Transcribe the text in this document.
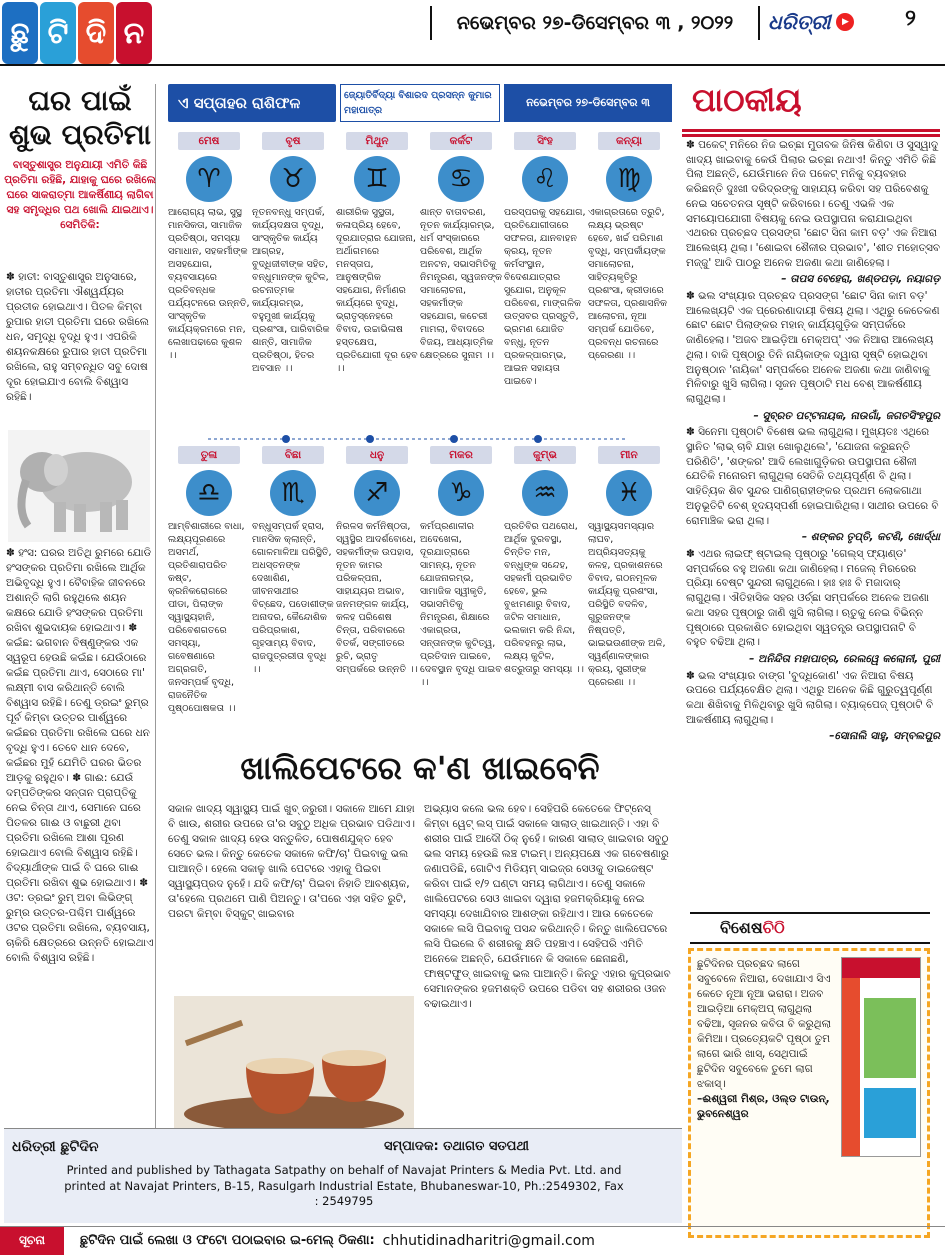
ଛୁ ଟି ଦି ନ	ନଭେମ୍ବର ୨୭-ଡିସେମ୍ବର ୩ , ୨୦୨୨	ଧରିତ୍ରୀ	▶	୨
ଘର ପାଇଁ ଶୁଭ ପ୍ରତିମା
ବାସ୍ତୁଶାସ୍ତ୍ର ଅନୁଯାୟୀ ଏମିତି କିଛି ପ୍ରତିମା ରହିଛି, ଯାହାକୁ ଘରେ ରଖିଲେ ଘରେ ସାକରାତ୍ମା ଆକର୍ଷିଣୀୟ ଲାଗିବା ସହ ସମୃଦ୍ଧିର ପଥ ଖୋଲି ଯାଇଥାଏ। ସେମିତିକି:
✽ ହାତୀ: ବାସ୍ତୁଶାସ୍ତ୍ର ଅନୁସାରେ, ହାତୀର ପ୍ରତିମା ଐଶ୍ୱର୍ଯ୍ୟର ପ୍ରତୀକ ହୋଇଥାଏ। ପିତଳ କିମ୍ବା ରୁପାର ହାତୀ ପ୍ରତିମା ଘରେ ରଖିଲେ ଧନ, ସମୃଦ୍ଧି ବୃଦ୍ଧି ହୁଏ। ଏପରିକି ଶୟନକକ୍ଷରେ ରୁପାର ହାତୀ ପ୍ରତିମା ରଖିଲେ, ରାହୁ ସମ୍ବନ୍ଧିତ ସବୁ ଦୋଷ ଦୂର ହୋଇଯାଏ ବୋଲି ବିଶ୍ୱାସ ରହିଛି।
✽ ହଂସ: ଘରର ଅତିଥି ରୁମରେ ଯୋଡି ହଂସଙ୍କର ପ୍ରତିମା ରଖିଲେ ଆର୍ଥିକ ଅଭିବୃଦ୍ଧି ହୁଏ। ବୈବାହିକ ଜୀବନରେ ଅଶାନ୍ତି ଲାଗି ରହୁଥିଲେ ଶୟନ କକ୍ଷରେ ଯୋଡି ହଂସଙ୍କର ପ୍ରତିମା ରଖିବା ଶୁଭଦାୟକ ହୋଇଥାଏ। ✽ କଇଁଛ: ଭଗବାନ ବିଷ୍ଣୁଙ୍କର ଏକ ସ୍ୱରୂପ ହେଉଛି କଇଁଛ। ଯେଉଁଠାରେ କଇଁଛ ପ୍ରତିମା ଥାଏ, ସେଠାରେ ମା' ଲକ୍ଷ୍ମୀ ବାସ କରିଥାନ୍ତି ବୋଲି ବିଶ୍ୱାସ ରହିଛି। ତେଣୁ ଡ୍ରଇଂ ରୁମ୍ର ପୂର୍ବ କିମ୍ବା ଉତ୍ତର ପାର୍ଶ୍ୱରେ କଇଁଛର ପ୍ରତିମା ରଖିଲେ ଘରେ ଧନ ବୃଦ୍ଧି ହୁଏ। ତେବେ ଧାନ ଦେବେ, କଇଁଛର ମୁହଁ ଯେମିତି ଘରର ଭିତର ଆଡ଼କୁ ରହୁଥିବ। ✽ ଗାଈ: ଯେଉଁ ଦମ୍ପତିଙ୍କର ସନ୍ତାନ ପ୍ରାପ୍ତିକୁ ନେଇ ଚିନ୍ତା ଥାଏ, ସେମାନେ ଘରେ ପିତଳର ଗାଈ ଓ ବାଛୁରୀ ଥିବା ପ୍ରତିମା ରଖିଲେ ଆଶା ପୂରଣ ହୋଇଥାଏ ବୋଲି ବିଶ୍ୱାସ ରହିଛି। ବିଦ୍ୟାର୍ଥୀଙ୍କ ପାଇଁ ବି ଘରେ ଗାଈ ପ୍ରତିମା ରଖିବା ଶୁଭ ହୋଇଥାଏ। ✽ ଓଟ: ଡ୍ରଇଂ ରୁମ୍ ଅବା ଲିଭିଙ୍ଗ୍ ରୁମ୍ର ଉତ୍ତର-ପଶ୍ଚିମ ପାର୍ଶ୍ୱରେ ଓଟର ପ୍ରତିମା ରଖିଲେ, ବ୍ୟବସାୟ, ଚାକିରି କ୍ଷେତ୍ରରେ ଉନ୍ନତି ହୋଇଥାଏ ବୋଲି ବିଶ୍ୱାସ ରହିଛି।
ଏ ସପ୍ତାହର ରାଶିଫଳ	ଜ୍ୟୋତିର୍ବିଦ୍ୟା ବିଶାରଦ ପ୍ରସନ୍ନ କୁମାର ମହାପାତ୍ର
ନଭେମ୍ବର ୨୭-ଡିସେମ୍ବର ୩
ମେଷ
♈
ଆରୋଗ୍ୟ ଲାଭ, ସୁସ୍ଥ ମାନସିକତା, ସାମାଜିକ ପ୍ରତିଷ୍ଠା, ସମସ୍ୟା ସମାଧାନ, ସହକର୍ମୀଙ୍କ ଅସହଯୋଗ, ବ୍ୟବସାୟରେ ପ୍ରତିବନ୍ଧକ ପର୍ଯ୍ୟଟନରେ ଉନ୍ନତି, ସାଂସ୍କୃତିକ କାର୍ଯ୍ୟକ୍ରମରେ ମନ, ଲେଖାପଢାରେ କୁଶଳ ।।
ବୃଷ
♉
ନୂତନବନ୍ଧୁ ସମ୍ପର୍କ, କାର୍ଯ୍ୟଦକ୍ଷତା ବୃଦ୍ଧି, ସାଂସ୍କୃତିକ କାର୍ଯ୍ୟ ଆଗ୍ରହ, ବୁଦ୍ଧିଜୀବୀଙ୍କ ସହିତ, ବନ୍ଧୁମାନଙ୍କ କୁଟିଳ, ରଚନାତ୍ମକ କାର୍ଯ୍ୟାରମ୍ଭ, ବହୁମୁଖୀ କାର୍ଯ୍ୟକୁ ପ୍ରଶଂସା, ପାରିବାରିକ ଶାନ୍ତି, ସାମାଜିକ ପ୍ରତିଷ୍ଠା, ହିତର ଅବସାନ ।।
ମିଥୁନ
♊
ଶାରୀରିକ ସୁସ୍ଥତା, କଳାପ୍ରିୟ ହେବେ, ଦୂରଯାତ୍ରାର ଯୋଜନା, ଅର୍ଥାଗମରେ ମନସ୍ତାପ, ଆନୁଷଙ୍ଗିକ ସହଯୋଗ, ନିର୍ମାଣର କାର୍ଯ୍ୟରେ ବୃଦ୍ଧି, ଭ୍ରାତୃସ୍ନେହରେ ବିବାଦ, ଉଚ୍ଚାଭିଳାଷ ହସ୍ତକ୍ଷେପ, ପ୍ରତିଯୋଗୀ ଦୂର ହେବ ।।
କର୍କଟ
♋
ଶାନ୍ତ ବାତାବରଣ, ନୂତନ କାର୍ଯ୍ୟାରମ୍ଭ, ଧର୍ମ ସଂସ୍କାରରେ ପରିବେଶ, ଆର୍ଥିକ ଅନଟନ, ସଭାସମିତିକୁ ନିମନ୍ତ୍ରଣ, ସ୍ୱଜନଙ୍କ ସମାଲୋଚନା, ସହକର୍ମୀଙ୍କ ସହଯୋଗ, କଚେରୀ ମାମଲା, ବିବାଦରେ ବିଜୟ, ଆଧ୍ୟାତ୍ମିକ କ୍ଷେତ୍ରରେ ସୁନାମ ।।
ସିଂହ
♌
ପରସ୍ପରକୁ ସହଯୋଗ, ପ୍ରତିଯୋଗୀତାରେ ସଫଳତା, ଯାନବାହନ କ୍ରୟ, ନୂତନ କର୍ମସଂସ୍ଥାନ, ବିଦେଶଯାତ୍ରାର ସୁଯୋଗ, ଅନୁକୂଳ ପରିବେଶ, ମାଙ୍ଗଳିକ ଉତ୍ସବର ପ୍ରସ୍ତୁତି, ଭ୍ରମଣ ଯୋଜିତ ବନ୍ଧୁ, ନୂତନ ପ୍ରକଳ୍ପାରମ୍ଭ, ଆଇନ ସହାୟତା ପାଇବେ।
କନ୍ୟା
♍
ଏକାଗ୍ରତାରେ ତ୍ରୁଟି, ଲକ୍ଷ୍ୟ ଭ୍ରଷ୍ଟ ହେବେ, ଖର୍ଚ୍ଚ ପରିମାଣ ବୃଦ୍ଧି, ସମ୍ପର୍କୀୟଙ୍କ ସମାଲୋଚନା, ସାହିତ୍ୟକୃତିରୁ ପ୍ରଶଂସା, କ୍ରୀଡାରେ ସଫଳତା, ପ୍ରଶାସନିକ ଆଲୋଚନା, ନୂଆ ସମ୍ପର୍କ ଯୋଡିବେ, ପ୍ରବନ୍ଧ ରଚନାରେ ପ୍ରେରଣା ।।
ତୁଳା
♎
ଆମ୍ବିଶାରୀରେ ବାଧା, ଲକ୍ଷ୍ୟପୂରଣରେ ଅସମର୍ଥ, ପ୍ରତିଶାରାପରିତ କଷ୍ଟ, କ୍ରନିକରୋଗରେ ପୀଡା, ପିଲାଙ୍କ ସ୍ୱାସ୍ଥ୍ୟହାନି, ପରିବେଶଗତରେ ସମସ୍ୟା, ଗବେଷଣାରେ ଅଗ୍ରଗତି, ଜନସମ୍ପର୍କ ବୃଦ୍ଧି, ରାଜନୈତିକ ପୃଷ୍ଠପୋଷକତା ।।
ବିଛା
♏
ବନ୍ଧୁସମ୍ପର୍କ ହ୍ରାସ, ମାନସିକ କ୍ଲାନ୍ତି, ଗୋଳମାଳିଆ ପରିସ୍ଥିତି, ଅଧସ୍ତନଙ୍କ ଦେଖାଶିଣ, ଜୀବନସାଥୀର ବିଚ୍ଛେଦ, ପଡୋଶୀଙ୍କ ଅନାଦର, କୈନ୍ଦୋଶିକ ପରିପ୍ରକାଶ, ଗୃହସାମ୍ୟ ବିବାଦ, ରାଜପୁତ୍ରରୀତା ବୃଦ୍ଧି ।।
ଧନୁ
♐
ନିରଳସ କର୍ମନିଷ୍ଠତା, ସ୍ୱସ୍ଥିର ଆଦର୍ଶବୋଧେ, ସହକର୍ମୀଙ୍କ ଉପହାସ, ନୂତନ କାମର ପରିକଳ୍ପନା, ସାହାଯ୍ୟର ଅଭାବ, ଜନମଙ୍ଗଳ କାର୍ଯ୍ୟ, କଳହ ପରିଶେଷ ଚିନ୍ତା, ପରିବାରରେ ବିତର୍କ, ସଙ୍ଗୀତରେ ରୁଚି, ଭ୍ରାତୃ ସମ୍ପର୍କରେ ଉନ୍ନତି ।।
ମକର
♑
କର୍ମପ୍ରଣାଳୀର ଅଦେଖେଳା, ଦୂରଯାତ୍ରାରେ ସାମନ୍ୟ, ନୂତନ ଯୋଜନାରମ୍ଭ, ସାମାଜିକ ସ୍ୱୀକୃତି, ସଭାସମିତିକୁ ନିମନ୍ତ୍ରଣ, ଶିକ୍ଷାରେ ଏକାଗ୍ରତା, ସନ୍ତାନଙ୍କ କୁଟିତ୍ୱ, ପ୍ରତିଦାନ ପାଇବେ, ଦେବସ୍ଥାନ ବୃଦ୍ଧି ପାଇବ ।।
କୁମ୍ଭ
♒
ପ୍ରତିବିର ପଥରୋଧ, ଆର୍ଥିକ ଦୁରବସ୍ଥା, ଚିନ୍ତିତ ମନ, ବନ୍ଧୁଙ୍କ ସନ୍ଦେହ, ସହକର୍ମୀ ପ୍ରଭାବିତ ହେବେ, ଭୁଲ ବୁଝାମଣାରୁ ବିବାଦ, ଜଟିଳ ସମାଧାନ, ଭଲକାମ କରି ନିନ୍ଦା, ପରିବହନରୁ ଲାଭ, ଲକ୍ଷ୍ୟ କୁଟିଳ, ଶତ୍ରୁତାରୁ ସମସ୍ୟା ।।
ମୀନ
♓
ସ୍ୱାସ୍ଥ୍ୟସମସ୍ୟାର ଲାଘବ, ଅପ୍ରିୟସତ୍ୟକୁ କଳହ, ପ୍ରକାଶନରେ ବିବାଦ, ଗଠନମୂଳକ କାର୍ଯ୍ୟକୁ ପ୍ରଶଂସା, ପରିସ୍ଥିତି ବଦଳିବ, ଗୁରୁଜନଙ୍କ ନିଷ୍ପତ୍ତି, ଭାଇଭଉଣୀଙ୍କ ଅଳି, ସ୍ୱର୍ଣ୍ଣାଳଙ୍କାର କ୍ରୟ, ସ୍ତ୍ରୀଙ୍କ ପ୍ରେରଣା ।।
ଖାଲିପେଟରେ କ'ଣ ଖାଇବେନି
ସକାଳ ଖାଦ୍ୟ ସ୍ୱାସ୍ଥ୍ୟ ପାଇଁ ଖୁବ୍ ଜରୁରୀ। ସକାଳେ ଆମେ ଯାହା ବି ଖାଉ, ଶରୀର ଉପରେ ତା'ର ସବୁଠୁ ଅଧିକ ପ୍ରଭାବ ପଡିଥାଏ। ତେଣୁ ସକାଳ ଖାଦ୍ୟ ହେଉ ସନ୍ତୁଳିତ, ପୋଷଣଯୁକ୍ତ ହେବ ସେତେ ଭଲ। କିନ୍ତୁ କେତେକ ସକାଳେ କଫି/ଚା' ପିଇବାକୁ ଭଲ ପାଆନ୍ତି। ହେଲେ ସକାଳୁ ଖାଲି ପେଟରେ ଏହାକୁ ପିଇବା ସ୍ୱାସ୍ଥ୍ୟପ୍ରଦ ନୁହେଁ। ଯଦି କଫି/ଚା' ପିଇବା ନିହାତି ଆବଶ୍ୟକ, ତା'ହେଲେ ପ୍ରଥମେ ପାଣି ପିଅନ୍ତୁ। ତା'ପରେ ଏହା ସହିତ ରୁଟି, ପରଟା କିମ୍ବା ବିସ୍କୁଟ୍ ଖାଇବାର
ଅଭ୍ୟାସ କଲେ ଭଲ ହେବ। ସେହିପରି କେତେକେ ଫିଟ୍ନେସ୍ କିମ୍ବା ୱେଟ୍ ଲସ୍ ପାଇଁ ସକାଳେ ସାଲାଡ୍ ଖାଇଥାନ୍ତି। ଏହା ବି ଶରୀର ପାଇଁ ଆଦୌ ଠିକ୍ ନୁହେଁ। କାରଣ ସାଲାଡ୍ ଖାଇବାର ସବୁଠୁ ଭଲ ସମୟ ହେଉଛି ଲଞ୍ଚ ଟାଇମ୍। ଅନ୍ୟପକ୍ଷେ ଏକ ଗବେଷଣାରୁ ଜଣାପଡିଛି, ଗୋଟିଏ ମିଡିୟମ୍ ସାଇଜ୍ର ସେଓକୁ ଡାଇଜେଷ୍ଟ କରିବା ପାଇଁ ୧/୨ ଘଣ୍ଟା ସମୟ ଲାଗିଥାଏ। ତେଣୁ ସକାଳେ ଖାଲିପେଟରେ ସେଓ ଖାଇବା ଦ୍ୱାରା ହଜମକ୍ରିୟାକୁ ନେଇ ସମସ୍ୟା ଦେଖାଯିବାର ଆଶଙ୍କା ରହିଥାଏ। ଆଉ କେତେକେ ସକାଳେ ଲସି ପିଇବାକୁ ପସନ୍ଦ କରିଥାନ୍ତି। କିନ୍ତୁ ଖାଲିପେଟରେ ଲସି ପିଇଲେ ବି ଶରୀରକୁ କ୍ଷତି ପହଞ୍ଚାଏ। ସେହିପରି ଏମିତି ଅନେକେ ଅଛନ୍ତି, ଯେଉଁମାନେ କି ସକାଳେ ଛେନାଛଣି, ଫାଷ୍ଟଫୁଡ୍ ଖାଇବାକୁ ଭଲ ପାଆନ୍ତି। କିନ୍ତୁ ଏହାର କୁପ୍ରଭାବ ସେମାନଙ୍କର ହଜମଶକ୍ତି ଉପରେ ପଡିବା ସହ ଶରୀରର ଓଜନ ବଢାଇଥାଏ।
ପାଠକୀୟ

✽ ପକେଟ୍ ମନିରେ ନିଜ ଇଚ୍ଛା ମୁତାବକ ଜିନିଷ କିଣିବା ଓ ସୁସ୍ୱାଦୁ ଖାଦ୍ୟ ଖାଇବାକୁ କେଉଁ ପିଲାର ଇଚ୍ଛା ନଥାଏ! କିନ୍ତୁ ଏମିତି କିଛି ପିଲା ଅଛନ୍ତି, ଯେଉଁମାନେ ନିଜ ପକେଟ୍ ମନିକୁ ବ୍ୟବହାର କରିଛନ୍ତି ଦୁଃଖୀ ଦରିଦ୍ରଙ୍କୁ ସାହାଯ୍ୟ କରିବା ସହ ପରିବେଶକୁ ନେଇ ସଚେତନତା ସୃଷ୍ଟି କରିବାରେ। ତେଣୁ ଏଭଳି ଏକ ସମୟୋପଯୋଗୀ ବିଷୟକୁ ନେଇ ଉପସ୍ଥାପନା କରାଯାଇଥିବା ଏଥରର ପ୍ରଚ୍ଛଦ ପ୍ରସଙ୍ଗ 'ଛୋଟ ସିନା କାମ ବଡ଼' ଏକ ନିଆରା ଆଲେଖ୍ୟ ଥିଲା। 'ଶୋଇବା ଶୈଳୀର ପ୍ରଭାବ', 'ଶୀତ ମହୋତ୍ସବ ମଜ୍ଜୁ' ଆଦି ପାଠରୁ ଅନେକ ଅଜଣା କଥା ଜାଣିହେଲା।

– ତାପସ ବେହେରା, ଖଣ୍ଡପଡ଼ା, ନୟାଗଡ଼

✽ ଭଲ ସଂଖ୍ୟାର ପ୍ରଚ୍ଛଦ ପ୍ରସଙ୍ଗ 'ଛୋଟ ସିନା କାମ ବଡ଼' ଆଲେଖ୍ୟଟି ଏକ ପ୍ରେରଣାଦାୟୀ ବିଷୟ ଥିଲା। ଏଥିରୁ କେତେକଣ ଛୋଟ ଛୋଟ ପିଲାଙ୍କର ମହାନ୍ କାର୍ଯ୍ୟଗୁଡ଼ିକ ସମ୍ପର୍କରେ ଜାଣିହେଲା। 'ଅଜବ ଆଇଡ଼ିଆ ମେକ୍ଅପ୍' ଏକ ନିଆରା ଆଲେଖ୍ୟ ଥିଲା। ବାକି ପୃଷ୍ଠାରୁ ତିନି ନାୟିକାଙ୍କ ଦ୍ୱାରା ସୃଷ୍ଟି ହୋଇଥିବା ଅନୁଷ୍ଠାନ 'ନାୟିକା' ସମ୍ପର୍କରେ ଅନେକ ଅଜଣା କଥା ଜାଣିବାକୁ ମିଳିବାରୁ ଖୁସି ଲାଗିଲା। ସୃଜନ ପୃଷ୍ଠାଟି ମଧ ବେଶ୍ ଆକର୍ଷଣୀୟ ଲାଗୁଥିଲା।

– ସୁବ୍ରତ ପଟ୍ଟନାୟକ, ନାଉଗାଁ, ଜଗତସିଂହପୁର

✽ ସିନେମା ପୃଷ୍ଠାଟି ବିଶେଷ ଭଲ ଲାଗୁଥିଲା। ମୁଖ୍ୟତଃ ଏଥିରେ ସ୍ଥାନିତ 'ଲାଭ୍ ଚାବି ଯାହା ଖୋଲୁଥିଲେ', 'ଯୋଜନା କରୁଛନ୍ତି ପରିଣିତି', 'ଶଙ୍କର' ଆଦି ଲେଖାଗୁଡ଼ିକର ଉପସ୍ଥାପନା ଶୈଳୀ ଯେତିକି ମନୋରମ ଲାଗୁଥିଲା ସେତିକି ତଥ୍ୟପୂର୍ଣ୍ଣ ବି ଥିଲା। ସାହିତ୍ୟିକ ଶିବ ସୁନ୍ଦର ପାଣିଗ୍ରାହୀଙ୍କର ପ୍ରଥମ ଲୋକଗାଥା ଅନୁଭୂତିଟି ବେଶ୍ ହୃଦୟସ୍ପର୍ଶୀ ହୋଇପାରିଥିଲା। ସାଥୀର ଉପରେ ବି ରୋମାଞ୍ଚିକ ଭରା ଥିଲା।

– ଶଙ୍କର ତୃପ୍ତି, କଟଣି, ଖୋର୍ଦ୍ଧା

✽ ଏଥର ଲାଇଫ୍ ଷ୍ଟାଇଲ୍ ପୃଷ୍ଠାରୁ 'ଗେଲ୍ସ୍ ଫ୍ୟାଣ୍ଡ' ସମ୍ପର୍କରେ ବହୁ ଅଜଣା କଥା ଜାଣିହେଲା। ମଜେଲ୍ ମିରରେର ପ୍ରିୟା ବେଷ୍ଟ ସୁନ୍ଦରୀ ଲାଗୁଥିଲେ। ହାଃ ହାଃ ବି ମଜାଦାର୍ ଲାଗୁଥିଲା। ଐତିହାସିକ ସହର ଓର୍ଚ୍ଛା ସମ୍ପର୍କରେ ଅନେକ ଅଜଣା କଥା ସହର ପୃଷ୍ଠାରୁ ଜାଣି ଖୁସି ଲାଗିଲା। ଋତୁକୁ ନେଇ ବିଭିନ୍ନ ପୃଷ୍ଠାରେ ପ୍ରକାଶିତ ହୋଇଥିବା ସ୍ୱତନ୍ତ୍ର ଉପସ୍ଥାପନାଟି ବି ବହୁତ ବଢିଆ ଥିଲା।

– ଅନିନ୍ଦିତା ମହାପାତ୍ର, ରେଲୱେ କଲୋନୀ, ପୁରୀ

✽ ଭଲ ସଂଖ୍ୟାର ବାଙ୍ଗ 'ବୁଦ୍ଧିକୋଣ' ଏକ ନିଆରା ବିଷୟ ଉପରେ ପର୍ଯ୍ୟବେକ୍ଷିତ ଥିଲା। ଏଥିରୁ ଅନେକ କିଛି ଗୁରୁତ୍ୱପୂର୍ଣ୍ଣ କଥା ଶିଖିବାକୁ ମିଳିଥିବାରୁ ଖୁସି ଲାଗିଲା। ବ୍ୟାକ୍ପେଜ୍ ପୃଷ୍ଠାଟି ବି ଆକର୍ଷଣୀୟ ଲାଗୁଥିଲା।

–ସୋନାଲି ସାହୁ, ସମ୍ବଲପୁର

ବିଶେଷ ଚିଠି
ଛୁଟିଦିନର ପ୍ରଚ୍ଛଦ ଲାଗେ ସବୁବେଳେ ନିଆରା, ଦେଖାଯାଏ ସିଏ କେତେ ନୂଆ ନୂଆ ଭରାରା। ଅଜବ ଆଇଡ଼ିଆ ମେକ୍ଅପ୍ ଲାଗୁଥିଲା ବଢିଆ, ସୃଜନର କବିତା ବି କରୁଥିଲା କିମିଆ। ପ୍ରତ୍ୟେକଟି ପୃଷ୍ଠା ତୁମ ଲାଗେ ଭାରି ଖାସ୍, ସେଥିପାଇଁ ଛୁଟିଦିନ ସବୁବେଳେ ତୁମେ ଲାଗ ଝକାସ୍।
–ଈଶ୍ୱରୀ ମିଶ୍ର, ଓଲ୍ଡ ଟାଉନ୍, ଭୁବନେଶ୍ୱର
ଧରିତ୍ରୀ ଛୁଟିଦିନ	ସମ୍ପାଦକ: ତଥାଗତ ସତପଥୀ
Printed and published by Tathagata Satpathy on behalf of Navajat Printers & Media Pvt. Ltd. and printed at Navajat Printers, B-15, Rasulgarh Industrial Estate, Bhubaneswar-10, Ph.:2549302, Fax : 2549795
ସୂଚନା	ଛୁଟିଦିନ ପାଇଁ ଲେଖା ଓ ଫଟୋ ପଠାଇବାର ଇ-ମେଲ୍ ଠିକଣା: chhutidinadharitri@gmail.com
